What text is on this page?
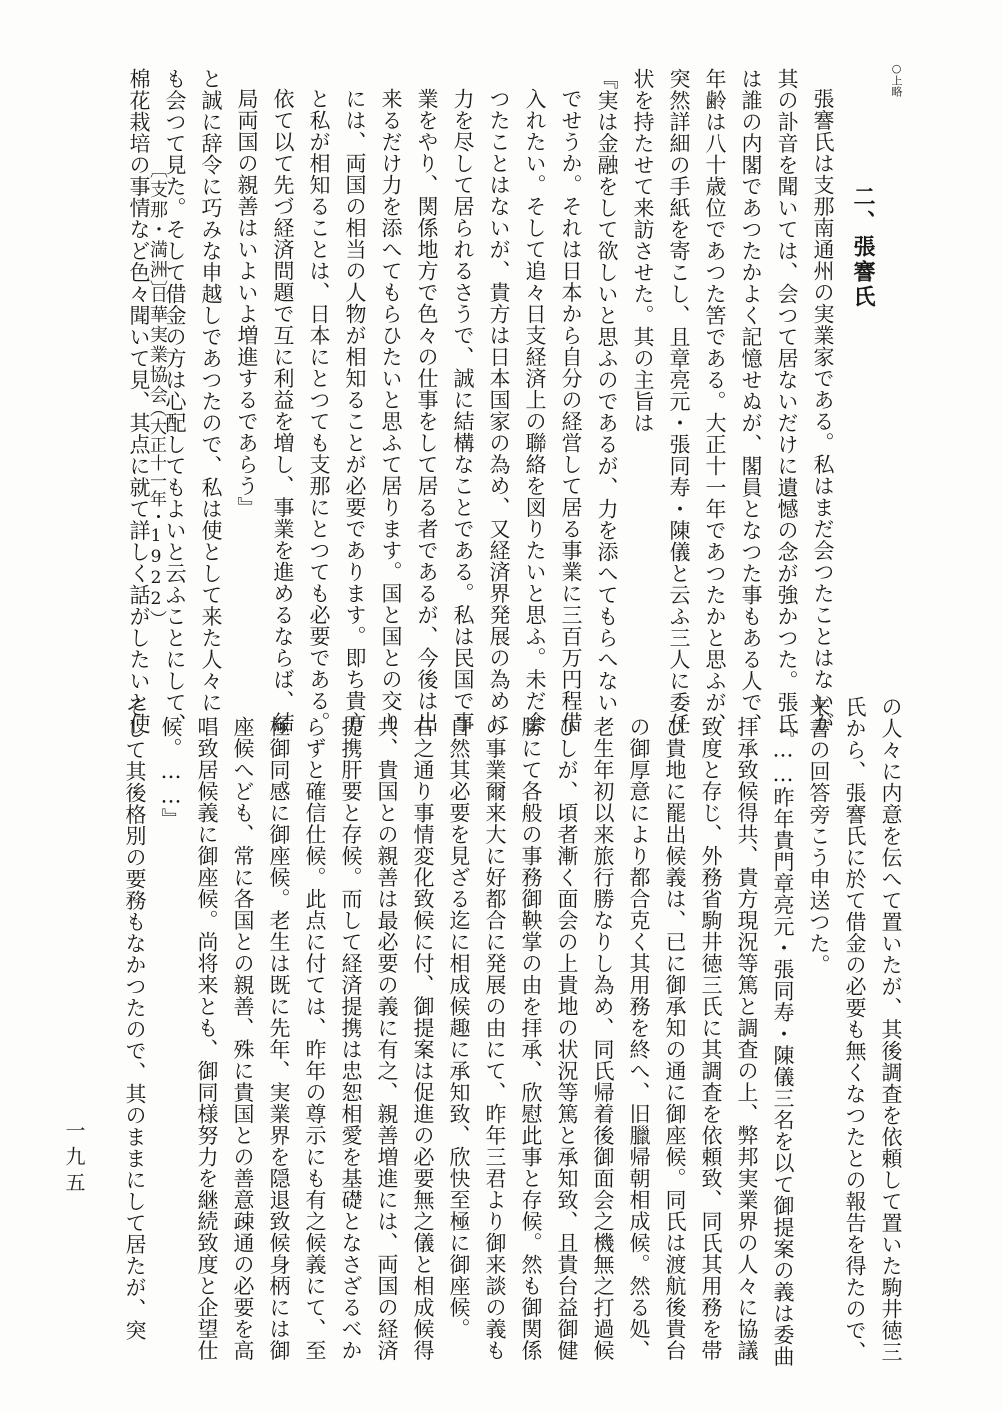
○上略

二、張謇氏

張謇氏は支那南通州の実業家である。私はまだ会つたことはないが

其の訃音を聞いては、会つて居ないだけに遺憾の念が強かつた。張氏

は誰の内閣であつたかよく記憶せぬが、閣員となつた事もある人で、

年齢は八十歳位であつた筈である。大正十一年であつたかと思ふが、

突然詳細の手紙を寄こし、且章亮元・張同寿・陳儀と云ふ三人に委任

状を持たせて来訪させた。其の主旨は

『実は金融をして欲しいと思ふのであるが、力を添へてもらへない

でせうか。それは日本から自分の経営して居る事業に三百万円程借

入れたい。そして追々日支経済上の聯絡を図りたいと思ふ。未だ会

つたことはないが、貴方は日本国家の為め、又経済界発展の為めに

力を尽して居られるさうで、誠に結構なことである。私は民国で事

業をやり、関係地方で色々の仕事をして居る者であるが、今後は出

来るだけ力を添へてもらひたいと思ふて居ります。国と国との交り

には、両国の相当の人物が相知ることが必要であります。即ち貴方

と私が相知ることは、日本にとつても支那にとつても必要である。

依て以て先づ経済問題で互に利益を増し、事業を進めるならば、結

局両国の親善はいよいよ増進するであらう』

と誠に辞令に巧みな申越しであつたので、私は使として来た人々に

も会つて見た。そして借金の方は心配してもよいと云ふことにして、

棉花栽培の事情など色々聞いて見、其点に就て詳しく話がしたいと使

〔支那・満洲〕

日華実業協会

（大正十一年・1922）

の人々に内意を伝へて置いたが、其後調査を依頼して置いた駒井徳三

氏から、張謇氏に於て借金の必要も無くなつたとの報告を得たので、

来書の回答旁こう申送つた。

『……昨年貴門章亮元・張同寿・陳儀三名を以て御提案の義は委曲

拝承致候得共、貴方現況等篤と調査の上、弊邦実業界の人々に協議

致度と存じ、外務省駒井徳三氏に其調査を依頼致、同氏其用務を帯

び貴地に罷出候義は、已に御承知の通に御座候。同氏は渡航後貴台

の御厚意により都合克く其用務を終へ、旧臘帰朝相成候。然る処、

老生年初以来旅行勝なりし為め、同氏帰着後御面会之機無之打過候

ひしが、頃者漸く面会の上貴地の状況等篤と承知致、且貴台益御健

勝にて各般の事務御鞅掌の由を拝承、欣慰此事と存候。然も御関係

の事業爾来大に好都合に発展の由にて、昨年三君より御来談の義も

自然其必要を見ざる迄に相成候趣に承知致、欣快至極に御座候。

右之通り事情変化致候に付、御提案は促進の必要無之儀と相成候得

共、貴国との親善は最必要の義に有之、親善増進には、両国の経済

提携肝要と存候。而して経済提携は忠恕相愛を基礎となさざるべか

らずと確信仕候。此点に付ては、昨年の尊示にも有之候義にて、至

極御同感に御座候。老生は既に先年、実業界を隠退致候身柄には御

座候へども、常に各国との親善、殊に貴国との善意疎通の必要を高

唱致居候義に御座候。尚将来とも、御同様努力を継続致度と企望仕

候。……』

そして其後格別の要務もなかつたので、其のままにして居たが、突

一九五
